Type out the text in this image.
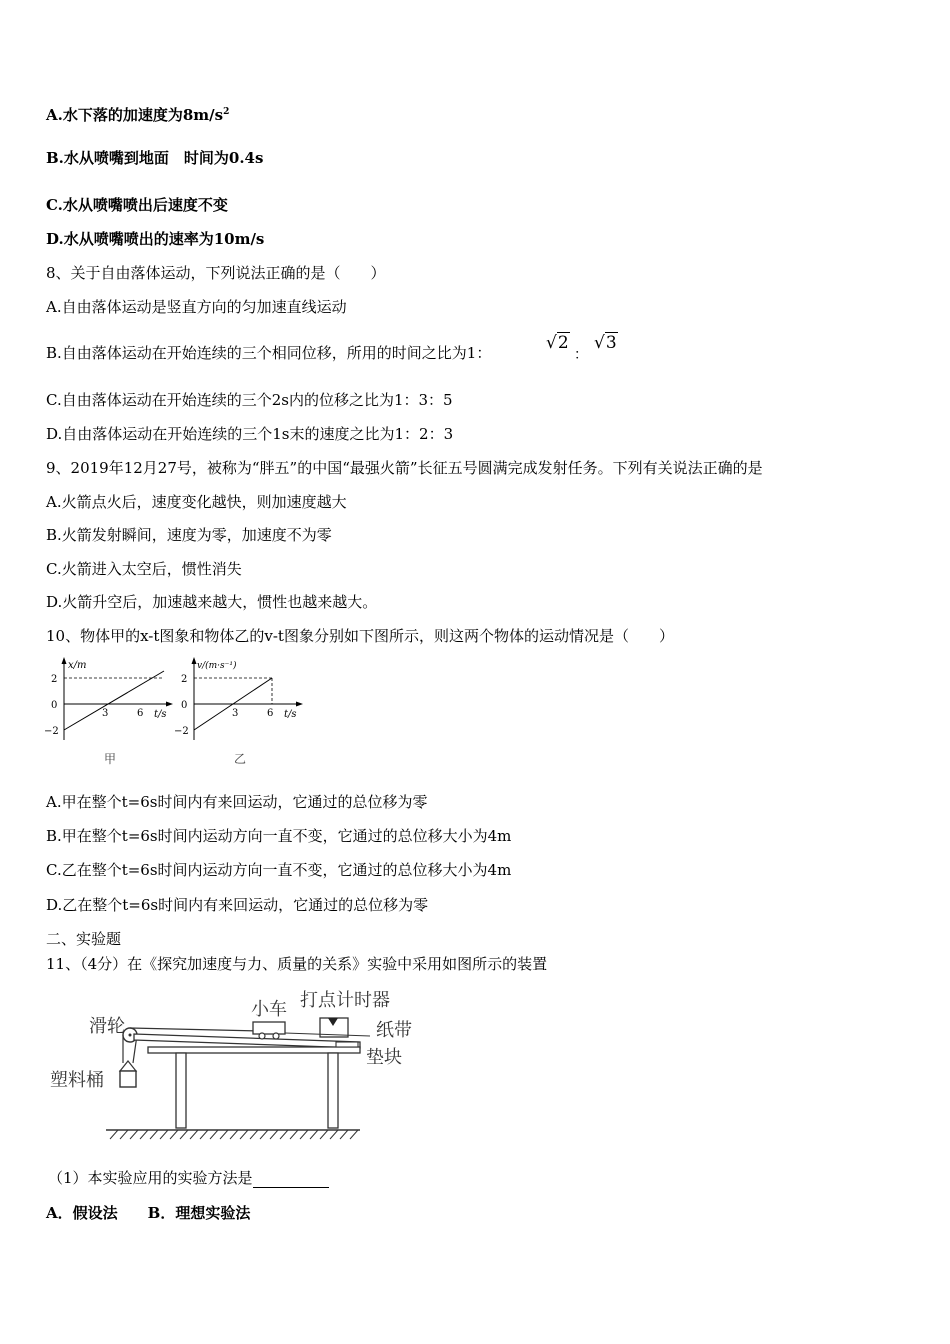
A.水下落的加速度为$8m/s^2$
B.水从喷嘴到地面　时间为0.4s
C.水从喷嘴喷出后速度不变
D.水从喷嘴喷出的速率为10m/s
8、关于自由落体运动，下列说法正确的是（　　）
A.自由落体运动是竖直方向的匀加速直线运动
B.自由落体运动在开始连续的三个相同位移，所用的时间之比为1：	√2
：
√3
C.自由落体运动在开始连续的三个2s内的位移之比为1：3：5
D.自由落体运动在开始连续的三个1s末的速度之比为1：2：3
9、2019年12月27号，被称为“胖五”的中国“最强火箭”长征五号圆满完成发射任务。下列有关说法正确的是
A.火箭点火后，速度变化越快，则加速度越大
B.火箭发射瞬间，速度为零，加速度不为零
C.火箭进入太空后，惯性消失
D.火箭升空后，加速越来越大，惯性也越来越大。
10、物体甲的x-t图象和物体乙的v-t图象分别如下图所示，则这两个物体的运动情况是（　　）
x/m
t/s
2
0
−2
3	6
甲
v/(m·s⁻¹)
t/s
2
0
−2
3	6
乙
A.甲在整个t=6s时间内有来回运动，它通过的总位移为零
B.甲在整个t=6s时间内运动方向一直不变，它通过的总位移大小为4m
C.乙在整个t=6s时间内运动方向一直不变，它通过的总位移大小为4m
D.乙在整个t=6s时间内有来回运动，它通过的总位移为零
二、实验题
11、（4分）在《探究加速度与力、质量的关系》实验中采用如图所示的装置
滑轮
小车 打点计时器
纸带
垫块
塑料桶
（1）本实验应用的实验方法是
A．假设法　　B．理想实验法
